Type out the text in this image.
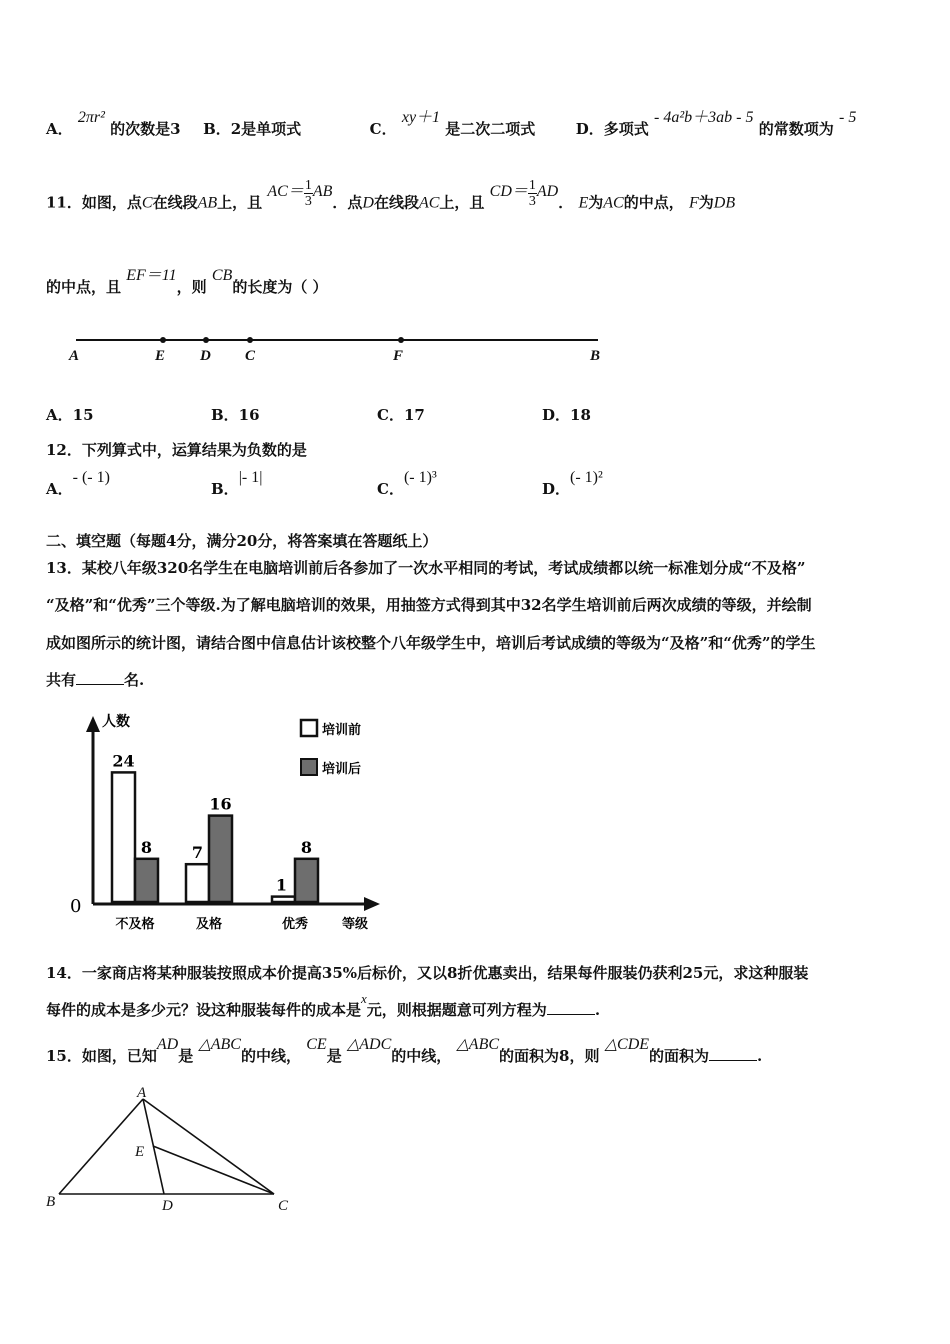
A． 2πr² 的次数是3 B．2是单项式	C． xy＋1 是二次二项式	D．多项式 - 4a²b＋3ab - 5 的常数项为 - 5
11．如图，点C在线段AB上，且 $AC= \frac{1}{3}$ AB．点D在线段AC上，且 $CD= \frac{1}{3}$ AD． E为AC的中点， F为DB
的中点，且 EF＝11，则 CB的长度为（ ）
A	E D C	F	B
A．15	B．16	C．17	D．18
12．下列算式中，运算结果为负数的是
A．- (- 1)
B．|- 1|
C．(- 1)³
D．(- 1)²
二、填空题（每题4分，满分20分，将答案填在答题纸上）
13．某校八年级320名学生在电脑培训前后各参加了一次水平相同的考试，考试成绩都以统一标准划分成“不及格”
“及格”和“优秀”三个等级.为了解电脑培训的效果，用抽签方式得到其中32名学生培训前后两次成绩的等级，并绘制
成如图所示的统计图，请结合图中信息估计该校整个八年级学生中，培训后考试成绩的等级为“及格”和“优秀”的学生
共有	名.
人数
等级
0
24
8
不及格
7
16
及格
1
8
优秀
培训前
培训后
14．一家商店将某种服装按照成本价提高35%后标价，又以8折优惠卖出，结果每件服装仍获利25元，求这种服装
每件的成本是多少元？设这种服装每件的成本是x元，则根据题意可列方程为	.
15．如图，已知AD是 △ABC的中线， CE是 △ADC的中线， △ABC的面积为8，则 △CDE的面积为	.
A
E
B	D	C
